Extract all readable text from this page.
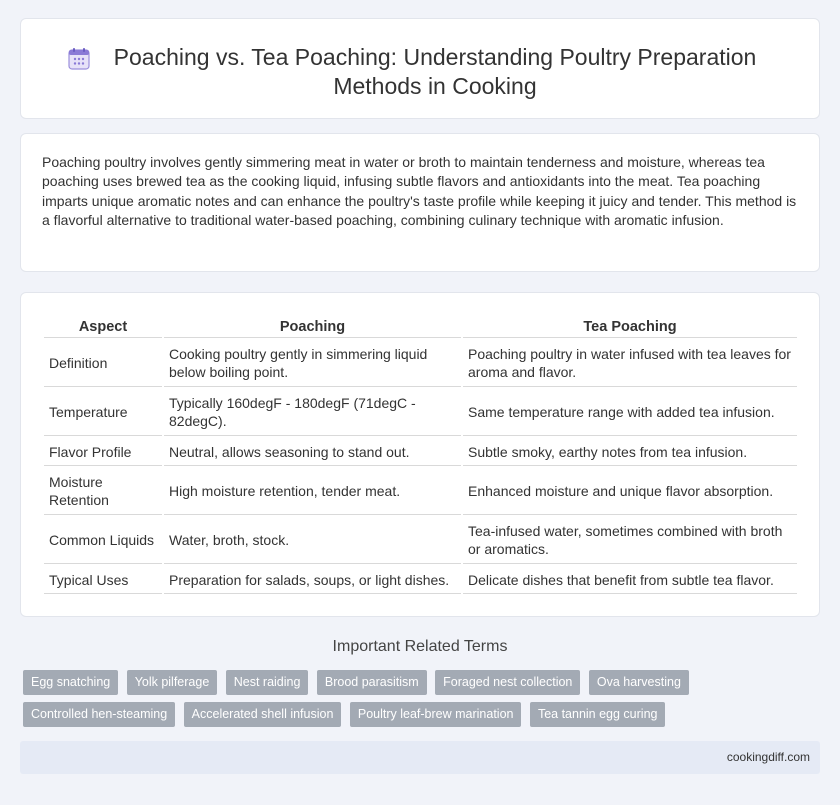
Poaching vs. Tea Poaching: Understanding Poultry Preparation Methods in Cooking

Poaching poultry involves gently simmering meat in water or broth to maintain tenderness and moisture, whereas tea poaching uses brewed tea as the cooking liquid, infusing subtle flavors and antioxidants into the meat. Tea poaching imparts unique aromatic notes and can enhance the poultry's taste profile while keeping it juicy and tender. This method is a flavorful alternative to traditional water-based poaching, combining culinary technique with aromatic infusion.

Aspect	Poaching	Tea Poaching
Definition	Cooking poultry gently in simmering liquid below boiling point.	Poaching poultry in water infused with tea leaves for aroma and flavor.
Temperature	Typically 160degF - 180degF (71degC - 82degC).	Same temperature range with added tea infusion.
Flavor Profile	Neutral, allows seasoning to stand out.	Subtle smoky, earthy notes from tea infusion.
Moisture Retention	High moisture retention, tender meat.	Enhanced moisture and unique flavor absorption.
Common Liquids	Water, broth, stock.	Tea-infused water, sometimes combined with broth or aromatics.
Typical Uses	Preparation for salads, soups, or light dishes.	Delicate dishes that benefit from subtle tea flavor.
Important Related Terms
Egg snatching Yolk pilferage Nest raiding Brood parasitism Foraged nest collection Ova harvesting Controlled hen-steaming Accelerated shell infusion Poultry leaf-brew marination Tea tannin egg curing
cookingdiff.com
